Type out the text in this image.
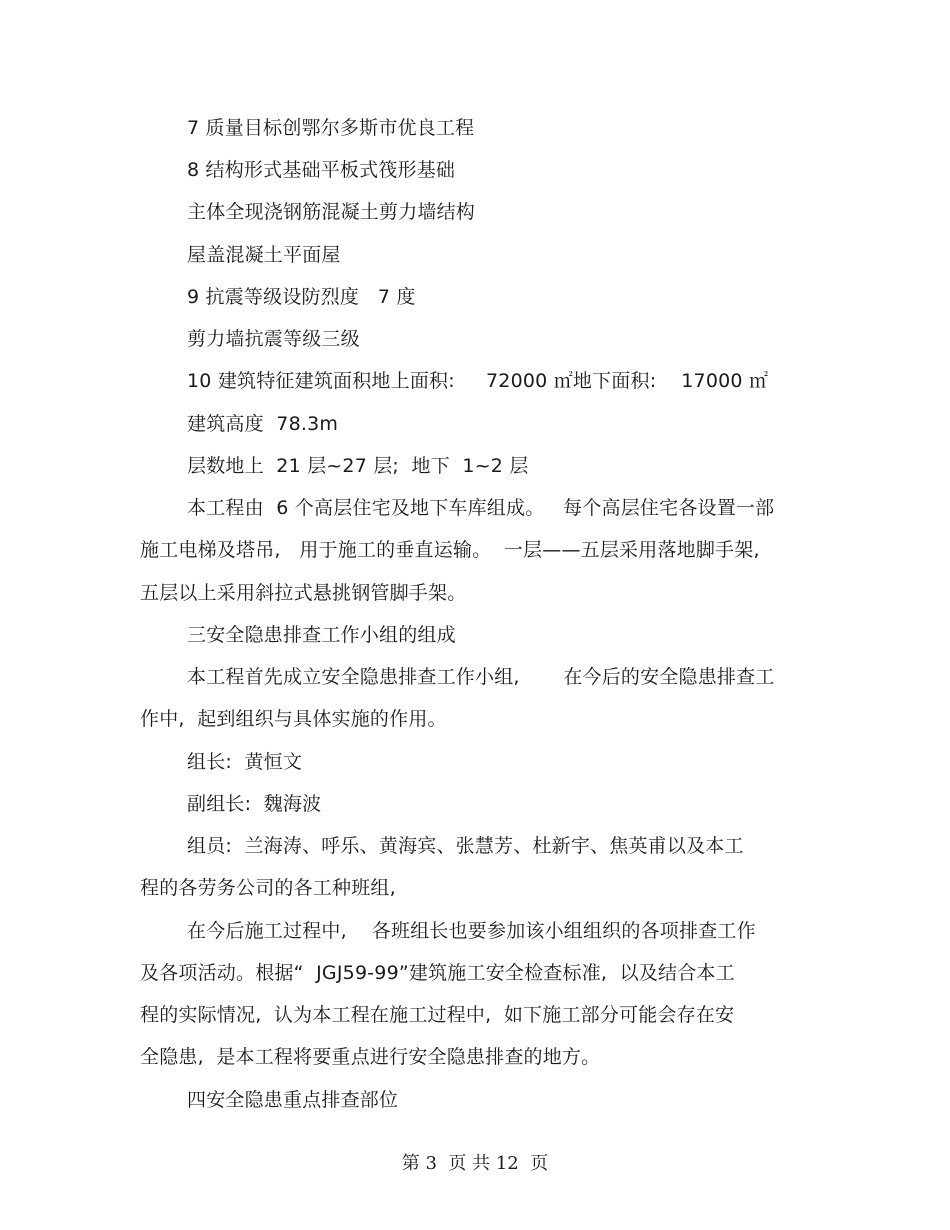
7 质量目标创鄂尔多斯市优良工程
8 结构形式基础平板式筏形基础
主体全现浇钢筋混凝土剪力墙结构
屋盖混凝土平面屋
9 抗震等级设防烈度   7 度
剪力墙抗震等级三级
10 建筑特征建筑面积地上面积:     72000 ㎡地下面积:    17000 ㎡
建筑高度  78.3m
层数地上  21 层~27 层;  地下  1~2 层
本工程由  6 个高层住宅及地下车库组成。   每个高层住宅各设置一部
施工电梯及塔吊,   用于施工的垂直运输。  一层——五层采用落地脚手架,
五层以上采用斜拉式悬挑钢管脚手架。
三安全隐患排查工作小组的组成
本工程首先成立安全隐患排查工作小组,       在今后的安全隐患排查工
作中,  起到组织与具体实施的作用。
组长:  黄恒文
副组长:  魏海波
组员:  兰海涛、呼乐、黄海宾、张慧芳、杜新宇、焦英甫以及本工
程的各劳务公司的各工种班组,
在今后施工过程中,    各班组长也要参加该小组组织的各项排查工作
及各项活动。根据“  JGJ59-99”建筑施工安全检查标准,  以及结合本工
程的实际情况,  认为本工程在施工过程中,  如下施工部分可能会存在安
全隐患,  是本工程将要重点进行安全隐患排查的地方。
四安全隐患重点排查部位
第 3  页 共 12  页
